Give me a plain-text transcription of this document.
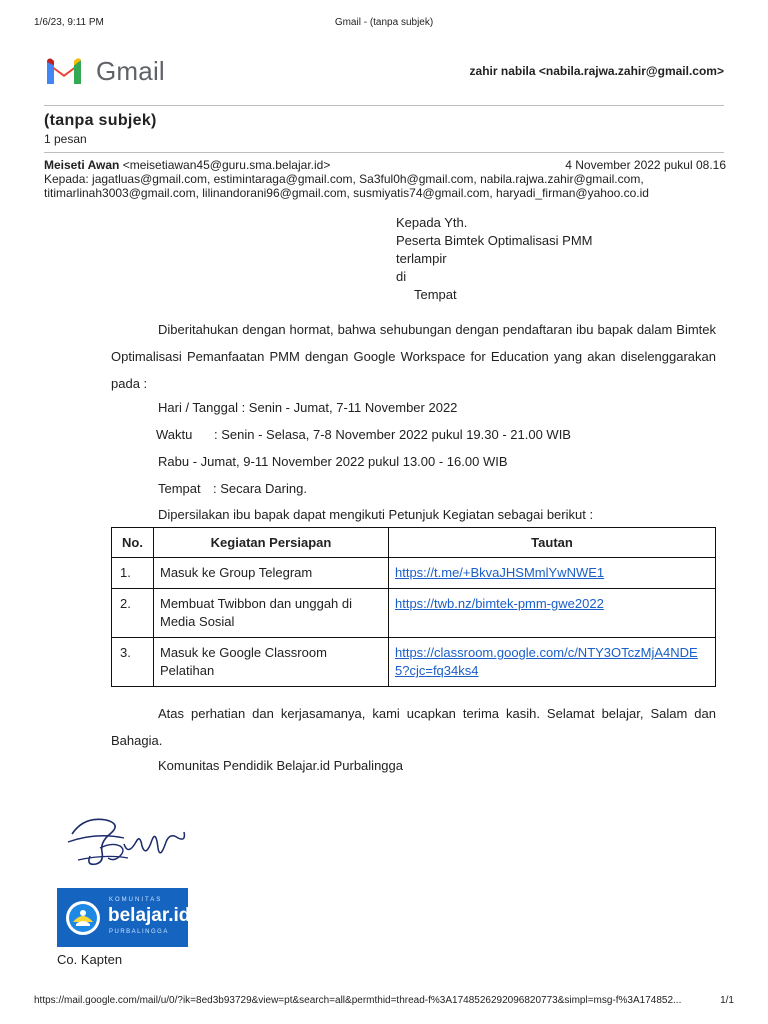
1/6/23, 9:11 PM	Gmail - (tanpa subjek)
Gmail	zahir nabila <nabila.rajwa.zahir@gmail.com>
(tanpa subjek)
1 pesan
Meiseti Awan <meisetiawan45@guru.sma.belajar.id>	4 November 2022 pukul 08.16
Kepada: jagatluas@gmail.com, estimintaraga@gmail.com, Sa3ful0h@gmail.com, nabila.rajwa.zahir@gmail.com,
titimarlinah3003@gmail.com, lilinandorani96@gmail.com, susmiyatis74@gmail.com, haryadi_firman@yahoo.co.id
Kepada Yth.
Peserta Bimtek Optimalisasi PMM
terlampir
di
Tempat
Diberitahukan dengan hormat, bahwa sehubungan dengan pendaftaran ibu bapak dalam Bimtek Optimalisasi Pemanfaatan PMM dengan Google Workspace for Education yang akan diselenggarakan pada :
Hari / Tanggal : Senin - Jumat, 7-11 November 2022
Waktu : Senin - Selasa, 7-8 November 2022 pukul 19.30 - 21.00 WIB
Rabu - Jumat, 9-11 November 2022 pukul 13.00 - 16.00 WIB
Tempat : Secara Daring.
Dipersilakan ibu bapak dapat mengikuti Petunjuk Kegiatan sebagai berikut :
No.	Kegiatan Persiapan	Tautan
1.	Masuk ke Group Telegram	https://t.me/+BkvaJHSMmlYwNWE1
2.	Membuat Twibbon dan unggah di Media Sosial	https://twb.nz/bimtek-pmm-gwe2022
3.	Masuk ke Google Classroom Pelatihan	https://classroom.google.com/c/NTY3OTczMjA4NDE5?cjc=fq34ks4
Atas perhatian dan kerjasamanya, kami ucapkan terima kasih. Selamat belajar, Salam dan Bahagia.
Komunitas Pendidik Belajar.id Purbalingga
KOMUNITAS
belajar.id
PURBALINGGA
Co. Kapten
https://mail.google.com/mail/u/0/?ik=8ed3b93729&view=pt&search=all&permthid=thread-f%3A1748526292096820773&simpl=msg-f%3A174852...	1/1
